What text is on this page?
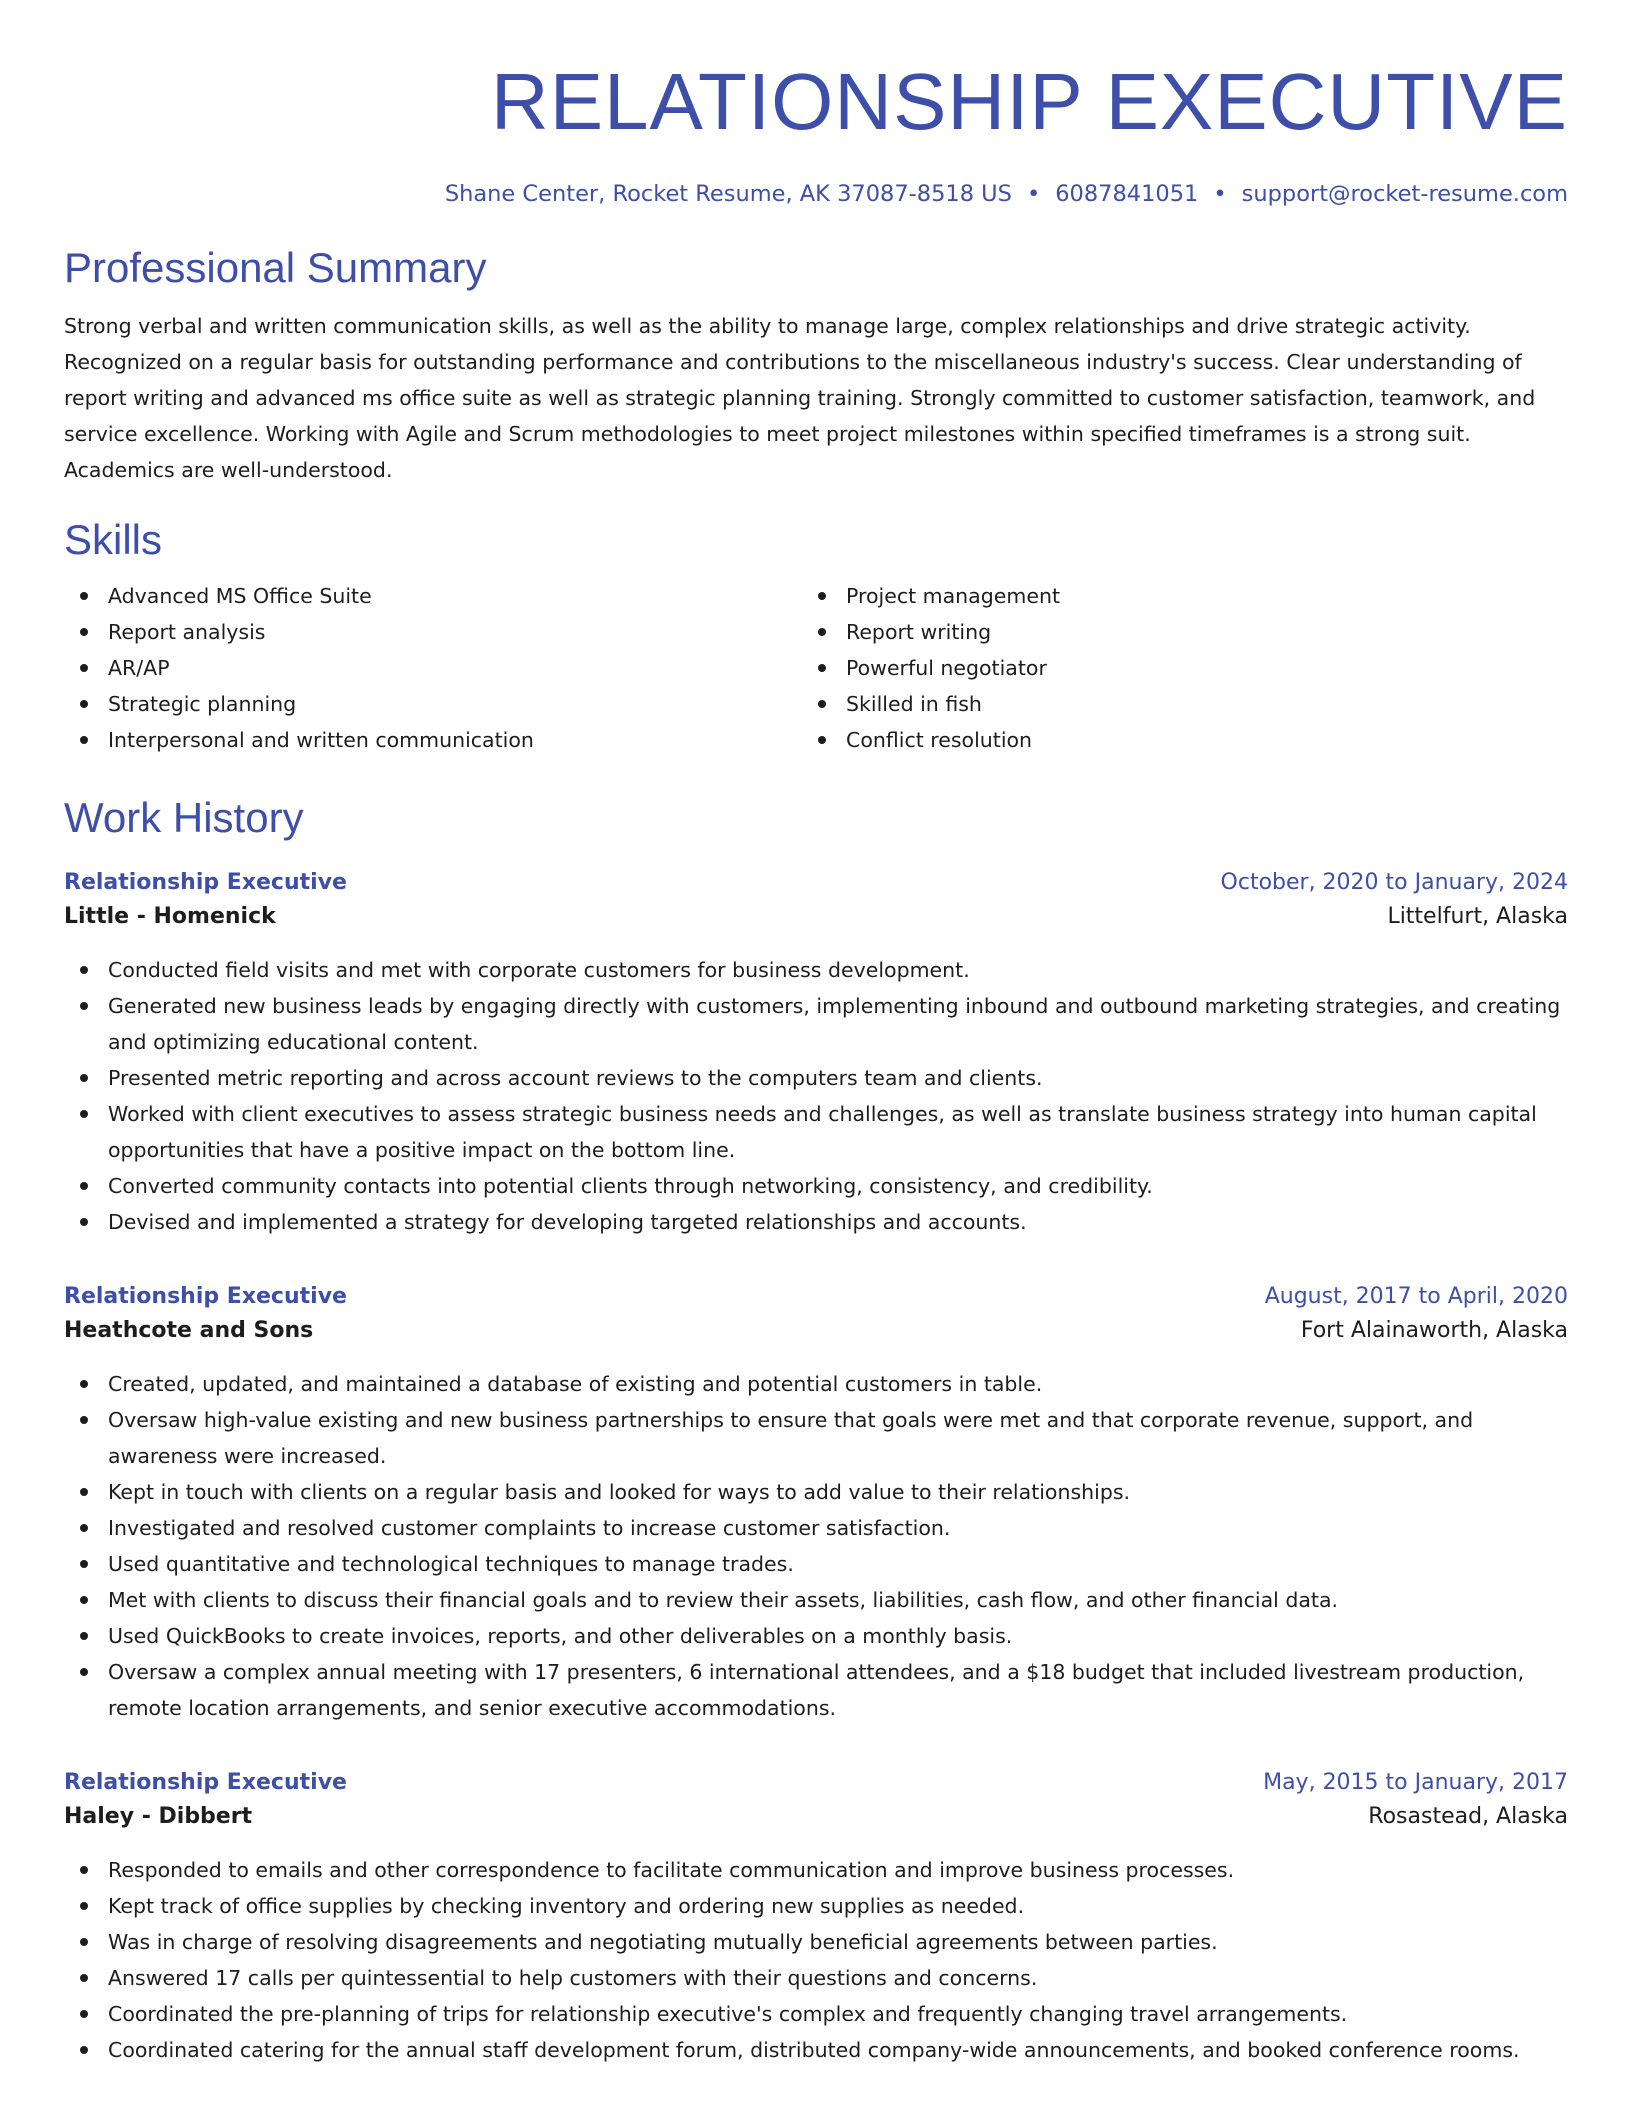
RELATIONSHIP EXECUTIVE
Shane Center, Rocket Resume, AK 37087-8518 US • 6087841051 • support@rocket-resume.com
Professional Summary

Strong verbal and written communication skills, as well as the ability to manage large, complex relationships and drive strategic activity. Recognized on a regular basis for outstanding performance and contributions to the miscellaneous industry's success. Clear understanding of report writing and advanced ms office suite as well as strategic planning training. Strongly committed to customer satisfaction, teamwork, and service excellence. Working with Agile and Scrum methodologies to meet project milestones within specified timeframes is a strong suit. Academics are well-understood.

Skills
Advanced MS Office Suite
Report analysis
AR/AP
Strategic planning
Interpersonal and written communication
Project management
Report writing
Powerful negotiator
Skilled in fish
Conflict resolution
Work History
Relationship Executive	October, 2020 to January, 2024
Little - Homenick	Littelfurt, Alaska
Conducted field visits and met with corporate customers for business development.
Generated new business leads by engaging directly with customers, implementing inbound and outbound marketing strategies, and creating and optimizing educational content.
Presented metric reporting and across account reviews to the computers team and clients.
Worked with client executives to assess strategic business needs and challenges, as well as translate business strategy into human capital opportunities that have a positive impact on the bottom line.
Converted community contacts into potential clients through networking, consistency, and credibility.
Devised and implemented a strategy for developing targeted relationships and accounts.
Relationship Executive	August, 2017 to April, 2020
Heathcote and Sons	Fort Alainaworth, Alaska
Created, updated, and maintained a database of existing and potential customers in table.
Oversaw high-value existing and new business partnerships to ensure that goals were met and that corporate revenue, support, and awareness were increased.
Kept in touch with clients on a regular basis and looked for ways to add value to their relationships.
Investigated and resolved customer complaints to increase customer satisfaction.
Used quantitative and technological techniques to manage trades.
Met with clients to discuss their financial goals and to review their assets, liabilities, cash flow, and other financial data.
Used QuickBooks to create invoices, reports, and other deliverables on a monthly basis.
Oversaw a complex annual meeting with 17 presenters, 6 international attendees, and a $18 budget that included livestream production, remote location arrangements, and senior executive accommodations.
Relationship Executive	May, 2015 to January, 2017
Haley - Dibbert	Rosastead, Alaska
Responded to emails and other correspondence to facilitate communication and improve business processes.
Kept track of office supplies by checking inventory and ordering new supplies as needed.
Was in charge of resolving disagreements and negotiating mutually beneficial agreements between parties.
Answered 17 calls per quintessential to help customers with their questions and concerns.
Coordinated the pre-planning of trips for relationship executive's complex and frequently changing travel arrangements.
Coordinated catering for the annual staff development forum, distributed company-wide announcements, and booked conference rooms.
